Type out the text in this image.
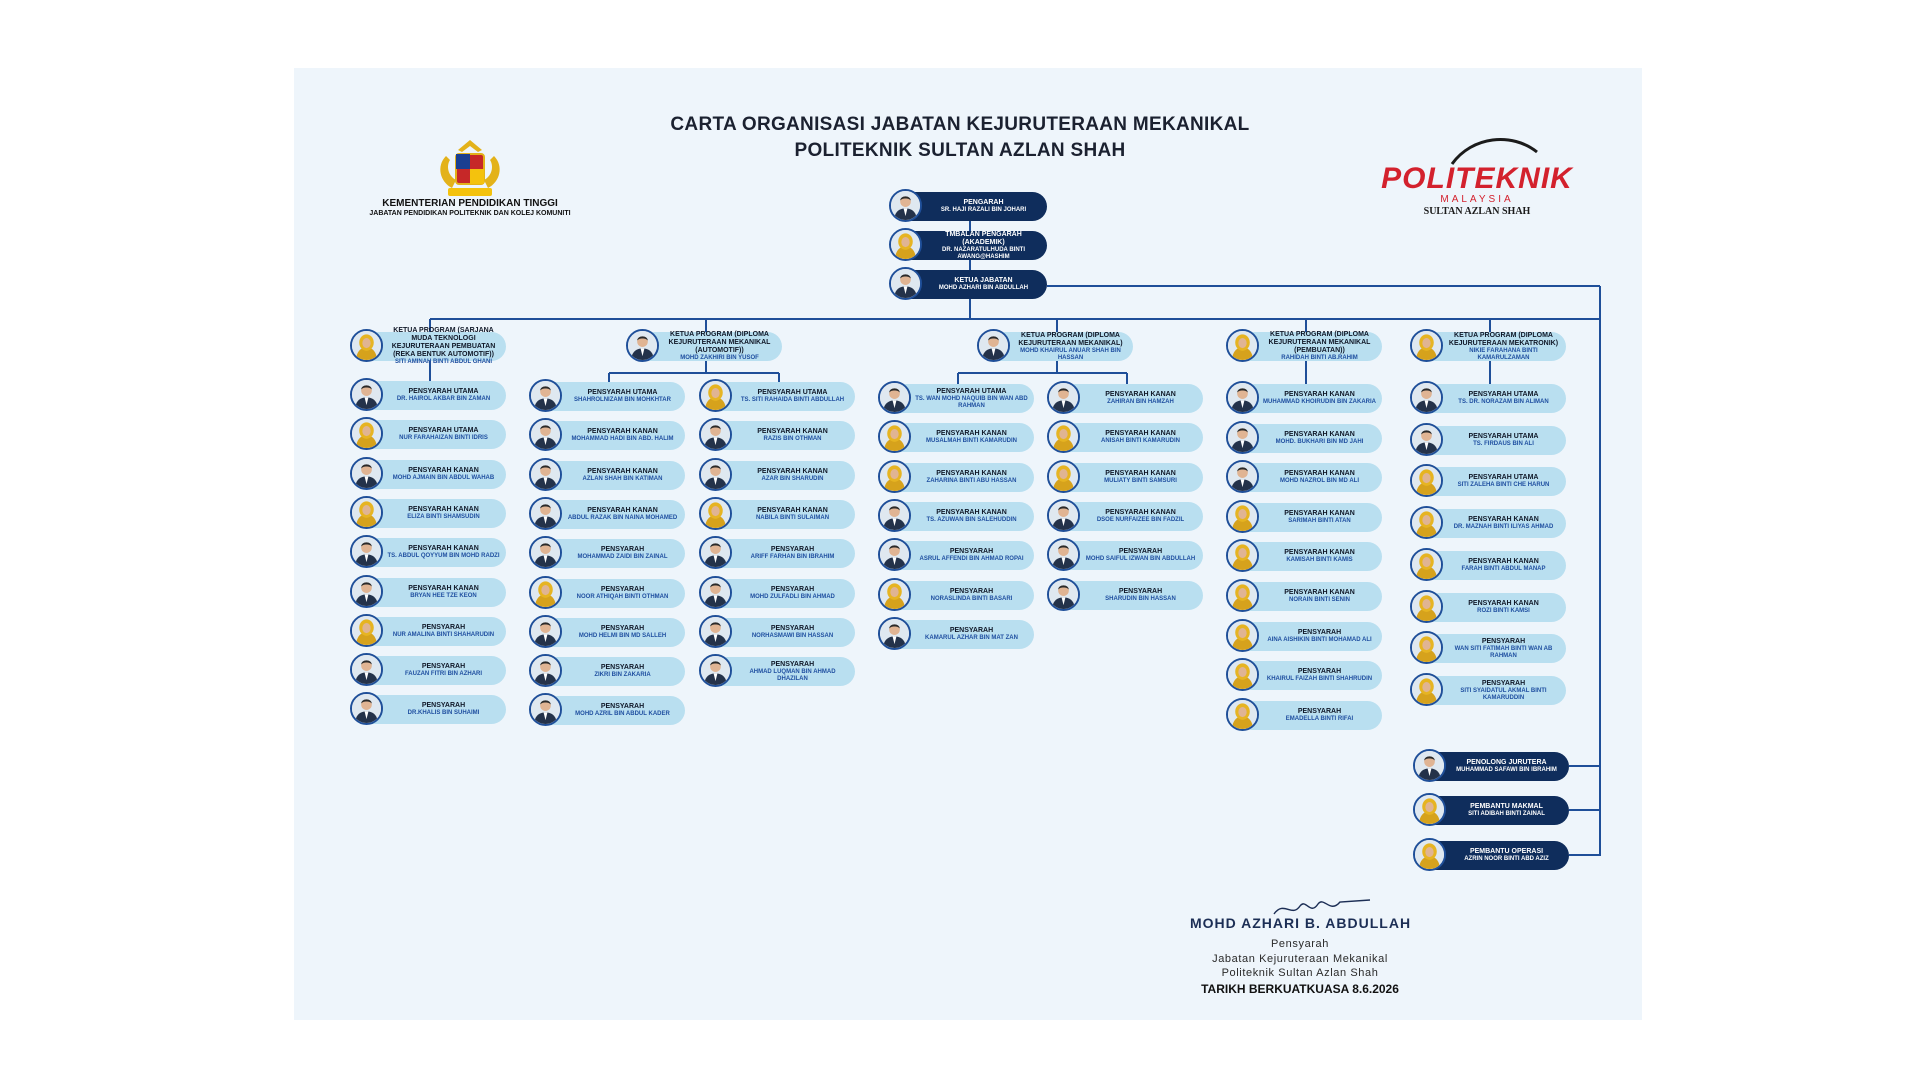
CARTA ORGANISASI JABATAN KEJURUTERAAN MEKANIKAL
POLITEKNIK SULTAN AZLAN SHAH
KEMENTERIAN PENDIDIKAN TINGGI
JABATAN PENDIDIKAN POLITEKNIK DAN KOLEJ KOMUNITI
POLITEKNIK
MALAYSIA
SULTAN AZLAN SHAH
PENGARAH
SR. HAJI RAZALI BIN JOHARI
TMBALAN PENGARAH (AKADEMIK)
DR. NAZARATULHUDA BINTI AWANG@HASHIM
KETUA JABATAN
MOHD AZHARI BIN ABDULLAH
KETUA PROGRAM (SARJANA MUDA TEKNOLOGI KEJURUTERAAN PEMBUATAN (REKA BENTUK AUTOMOTIF))
SITI AMINAH BINTI ABDUL GHANI
PENSYARAH UTAMA
DR. HAIROL AKBAR BIN ZAMAN
PENSYARAH UTAMA
NUR FARAHAIZAN BINTI IDRIS
PENSYARAH KANAN
MOHD AJMAIN BIN ABDUL WAHAB
PENSYARAH KANAN
ELIZA BINTI SHAMSUDIN
PENSYARAH KANAN
TS. ABDUL QOYYUM BIN MOHD RADZI
PENSYARAH KANAN
BRYAN HEE TZE KEON
PENSYARAH
NUR AMALINA BINTI SHAHARUDIN
PENSYARAH
FAUZAN FITRI BIN AZHARI
PENSYARAH
DR.KHALIS BIN SUHAIMI
KETUA PROGRAM (DIPLOMA KEJURUTERAAN MEKANIKAL (AUTOMOTIF))
MOHD ZAKHIRI BIN YUSOF
PENSYARAH UTAMA
SHAHROLNIZAM BIN MOHKHTAR
PENSYARAH KANAN
MOHAMMAD HADI BIN ABD. HALIM
PENSYARAH KANAN
AZLAN SHAH BIN KATIMAN
PENSYARAH KANAN
ABDUL RAZAK BIN NAINA MOHAMED
PENSYARAH
MOHAMMAD ZAIDI BIN ZAINAL
PENSYARAH
NOOR ATHIQAH BINTI OTHMAN
PENSYARAH
MOHD HELMI BIN MD SALLEH
PENSYARAH
ZIKRI BIN ZAKARIA
PENSYARAH
MOHD AZRIL BIN ABDUL KADER
PENSYARAH UTAMA
TS. SITI RAHAIDA BINTI ABDULLAH
PENSYARAH KANAN
RAZIS BIN OTHMAN
PENSYARAH KANAN
AZAR BIN SHARUDIN
PENSYARAH KANAN
NABILA BINTI SULAIMAN
PENSYARAH
ARIFF FARHAN BIN IBRAHIM
PENSYARAH
MOHD ZULFADLI BIN AHMAD
PENSYARAH
NORHASMAWI BIN HASSAN
PENSYARAH
AHMAD LUQMAN BIN AHMAD DHAZILAN
KETUA PROGRAM (DIPLOMA KEJURUTERAAN MEKANIKAL)
MOHD KHAIRUL ANUAR SHAH BIN HASSAN
PENSYARAH UTAMA
TS. WAN MOHD NAQUIB BIN WAN ABD RAHMAN
PENSYARAH KANAN
MUSALMAH BINTI KAMARUDIN
PENSYARAH KANAN
ZAHARINA BINTI ABU HASSAN
PENSYARAH KANAN
TS. AZUWAN BIN SALEHUDDIN
PENSYARAH
ASRUL AFFENDI BIN AHMAD ROPAI
PENSYARAH
NORASLINDA BINTI BASARI
PENSYARAH
KAMARUL AZHAR BIN MAT ZAN
PENSYARAH KANAN
ZAHIRAN BIN HAMZAH
PENSYARAH KANAN
ANISAH BINTI KAMARUDIN
PENSYARAH KANAN
MULIATY BINTI SAMSURI
PENSYARAH KANAN
DSOE NURFAIZEE BIN FADZIL
PENSYARAH
MOHD SAIFUL IZWAN BIN ABDULLAH
PENSYARAH
SHARUDIN BIN HASSAN
KETUA PROGRAM (DIPLOMA KEJURUTERAAN MEKANIKAL (PEMBUATAN))
RAHIDAH BINTI AB.RAHIM
PENSYARAH KANAN
MUHAMMAD KHOIRUDIN BIN ZAKARIA
PENSYARAH KANAN
MOHD. BUKHARI BIN MD JAHI
PENSYARAH KANAN
MOHD NAZROL BIN MD ALI
PENSYARAH KANAN
SARIMAH BINTI ATAN
PENSYARAH KANAN
KAMISAH BINTI KAMIS
PENSYARAH KANAN
NORAIN BINTI SENIN
PENSYARAH
AINA AISHIKIN BINTI MOHAMAD ALI
PENSYARAH
KHAIRUL FAIZAH BINTI SHAHRUDIN
PENSYARAH
EMADELLA BINTI RIFAI
KETUA PROGRAM (DIPLOMA KEJURUTERAAN MEKATRONIK)
NIKIE FARAHANA BINTI KAMARULZAMAN
PENSYARAH UTAMA
TS. DR. NORAZAM BIN ALIMAN
PENSYARAH UTAMA
TS. FIRDAUS BIN ALI
PENSYARAH UTAMA
SITI ZALEHA BINTI CHE HARUN
PENSYARAH KANAN
DR. MAZNAH BINTI ILIYAS AHMAD
PENSYARAH KANAN
FARAH BINTI ABDUL MANAP
PENSYARAH KANAN
ROZI BINTI KAMSI
PENSYARAH
WAN SITI FATIMAH BINTI WAN AB RAHMAN
PENSYARAH
SITI SYAIDATUL AKMAL BINTI KAMARUDDIN
PENOLONG JURUTERA
MUHAMMAD SAFAWI BIN IBRAHIM
PEMBANTU MAKMAL
SITI ADIBAH BINTI ZAINAL
PEMBANTU OPERASI
AZRIN NOOR BINTI ABD AZIZ
MOHD AZHARI B. ABDULLAH
Pensyarah
Jabatan Kejuruteraan Mekanikal
Politeknik Sultan Azlan Shah
TARIKH BERKUATKUASA 8.6.2026
